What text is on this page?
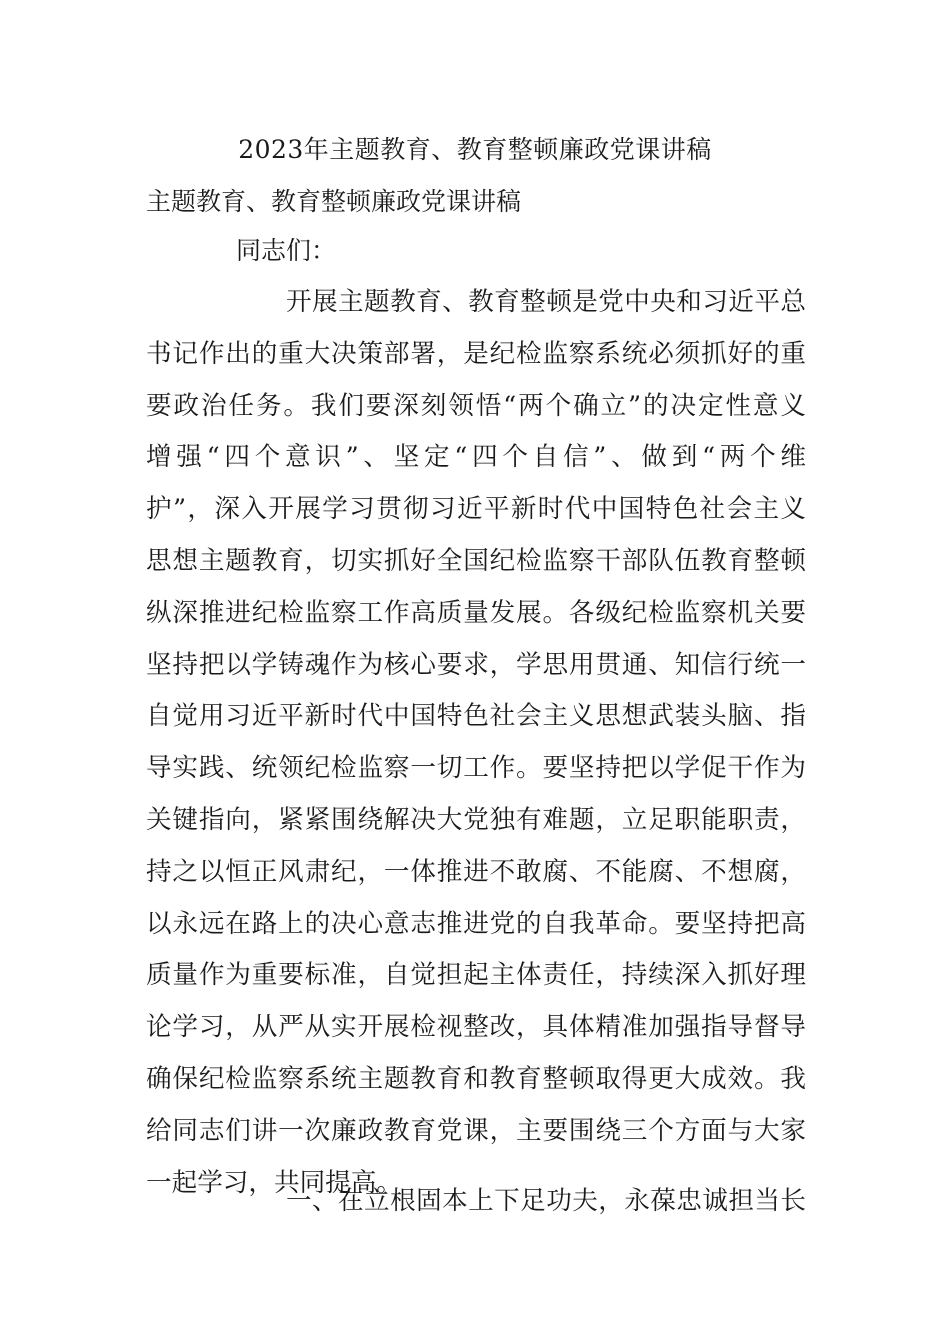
2023年主题教育、教育整顿廉政党课讲稿
主题教育、教育整顿廉政党课讲稿
同志们：
开展主题教育、教育整顿是党中央和习近平总
书记作出的重大决策部署，是纪检监察系统必须抓好的重
要政治任务。我们要深刻领悟“两个确立”的决定性意义
增强“四个意识”、坚定“四个自信”、做到“两个维
护”，深入开展学习贯彻习近平新时代中国特色社会主义
思想主题教育，切实抓好全国纪检监察干部队伍教育整顿
纵深推进纪检监察工作高质量发展。各级纪检监察机关要
坚持把以学铸魂作为核心要求，学思用贯通、知信行统一
自觉用习近平新时代中国特色社会主义思想武装头脑、指
导实践、统领纪检监察一切工作。要坚持把以学促干作为
关键指向，紧紧围绕解决大党独有难题，立足职能职责，
持之以恒正风肃纪，一体推进不敢腐、不能腐、不想腐，
以永远在路上的决心意志推进党的自我革命。要坚持把高
质量作为重要标准，自觉担起主体责任，持续深入抓好理
论学习，从严从实开展检视整改，具体精准加强指导督导
确保纪检监察系统主题教育和教育整顿取得更大成效。我
给同志们讲一次廉政教育党课，主要围绕三个方面与大家
一起学习，共同提高。
一、在立根固本上下足功夫，永葆忠诚担当长
